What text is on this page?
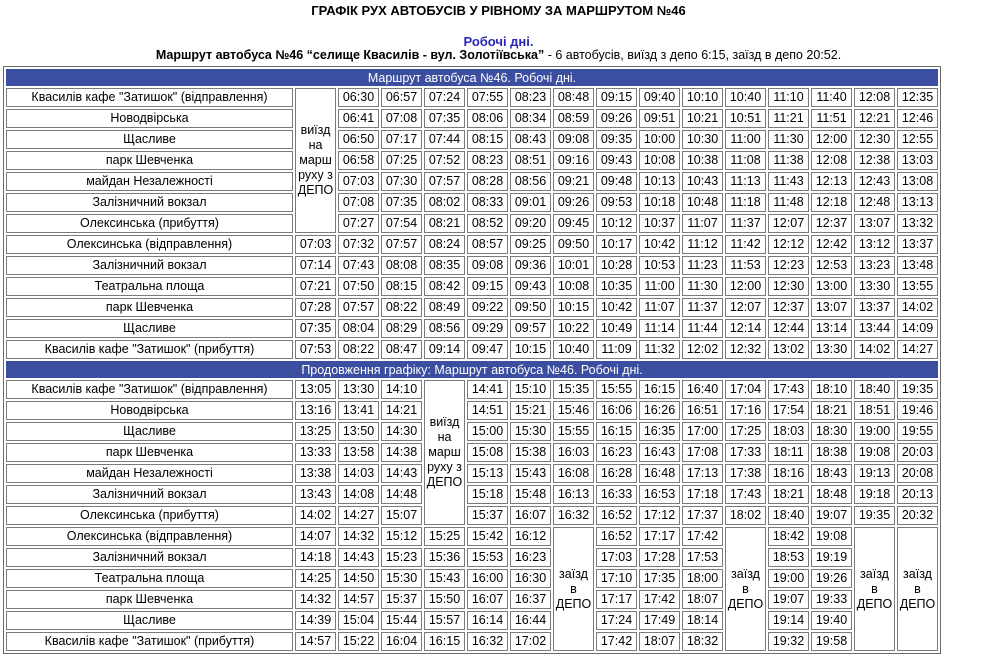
ГРАФІК РУХ АВТОБУСІВ У РІВНОМУ ЗА МАРШРУТОМ №46
Робочі дні.
Маршрут автобуса №46 “селище Квасилів - вул. Золотіївська” - 6 автобусів, виїзд з депо 6:15, заїзд в депо 20:52.
Маршрут автобуса №46. Робочі дні.															
Квасилів кафе "Затишок" (відправлення)	виїзд на марш руху з ДЕПО	06:30	06:57	07:24	07:55	08:23	08:48	09:15	09:40	10:10	10:40	11:10	11:40	12:08	12:35
Новодвірська		06:41	07:08	07:35	08:06	08:34	08:59	09:26	09:51	10:21	10:51	11:21	11:51	12:21	12:46
Щасливе		06:50	07:17	07:44	08:15	08:43	09:08	09:35	10:00	10:30	11:00	11:30	12:00	12:30	12:55
парк Шевченка		06:58	07:25	07:52	08:23	08:51	09:16	09:43	10:08	10:38	11:08	11:38	12:08	12:38	13:03
майдан Незалежності		07:03	07:30	07:57	08:28	08:56	09:21	09:48	10:13	10:43	11:13	11:43	12:13	12:43	13:08
Залізничний вокзал		07:08	07:35	08:02	08:33	09:01	09:26	09:53	10:18	10:48	11:18	11:48	12:18	12:48	13:13
Олексинська (прибуття)		07:27	07:54	08:21	08:52	09:20	09:45	10:12	10:37	11:07	11:37	12:07	12:37	13:07	13:32
Олексинська (відправлення)	07:03	07:32	07:57	08:24	08:57	09:25	09:50	10:17	10:42	11:12	11:42	12:12	12:42	13:12	13:37
Залізничний вокзал	07:14	07:43	08:08	08:35	09:08	09:36	10:01	10:28	10:53	11:23	11:53	12:23	12:53	13:23	13:48
Театральна площа	07:21	07:50	08:15	08:42	09:15	09:43	10:08	10:35	11:00	11:30	12:00	12:30	13:00	13:30	13:55
парк Шевченка	07:28	07:57	08:22	08:49	09:22	09:50	10:15	10:42	11:07	11:37	12:07	12:37	13:07	13:37	14:02
Щасливе	07:35	08:04	08:29	08:56	09:29	09:57	10:22	10:49	11:14	11:44	12:14	12:44	13:14	13:44	14:09
Квасилів кафе "Затишок" (прибуття)	07:53	08:22	08:47	09:14	09:47	10:15	10:40	11:09	11:32	12:02	12:32	13:02	13:30	14:02	14:27
Продовження графіку: Маршрут автобуса №46. Робочі дні.															
Квасилів кафе "Затишок" (відправлення)	13:05	13:30	14:10	виїзд на марш руху з ДЕПО	14:41	15:10	15:35	15:55	16:15	16:40	17:04	17:43	18:10	18:40	19:35
Новодвірська	13:16	13:41	14:21		14:51	15:21	15:46	16:06	16:26	16:51	17:16	17:54	18:21	18:51	19:46
Щасливе	13:25	13:50	14:30		15:00	15:30	15:55	16:15	16:35	17:00	17:25	18:03	18:30	19:00	19:55
парк Шевченка	13:33	13:58	14:38		15:08	15:38	16:03	16:23	16:43	17:08	17:33	18:11	18:38	19:08	20:03
майдан Незалежності	13:38	14:03	14:43		15:13	15:43	16:08	16:28	16:48	17:13	17:38	18:16	18:43	19:13	20:08
Залізничний вокзал	13:43	14:08	14:48		15:18	15:48	16:13	16:33	16:53	17:18	17:43	18:21	18:48	19:18	20:13
Олексинська (прибуття)	14:02	14:27	15:07		15:37	16:07	16:32	16:52	17:12	17:37	18:02	18:40	19:07	19:35	20:32
Олексинська (відправлення)	14:07	14:32	15:12	15:25	15:42	16:12	заїзд в ДЕПО	16:52	17:17	17:42	заїзд в ДЕПО	18:42	19:08	заїзд в ДЕПО	заїзд в ДЕПО
Залізничний вокзал	14:18	14:43	15:23	15:36	15:53	16:23		17:03	17:28	17:53		18:53	19:19		
Театральна площа	14:25	14:50	15:30	15:43	16:00	16:30		17:10	17:35	18:00		19:00	19:26		
парк Шевченка	14:32	14:57	15:37	15:50	16:07	16:37		17:17	17:42	18:07		19:07	19:33		
Щасливе	14:39	15:04	15:44	15:57	16:14	16:44		17:24	17:49	18:14		19:14	19:40		
Квасилів кафе "Затишок" (прибуття)	14:57	15:22	16:04	16:15	16:32	17:02		17:42	18:07	18:32		19:32	19:58		
